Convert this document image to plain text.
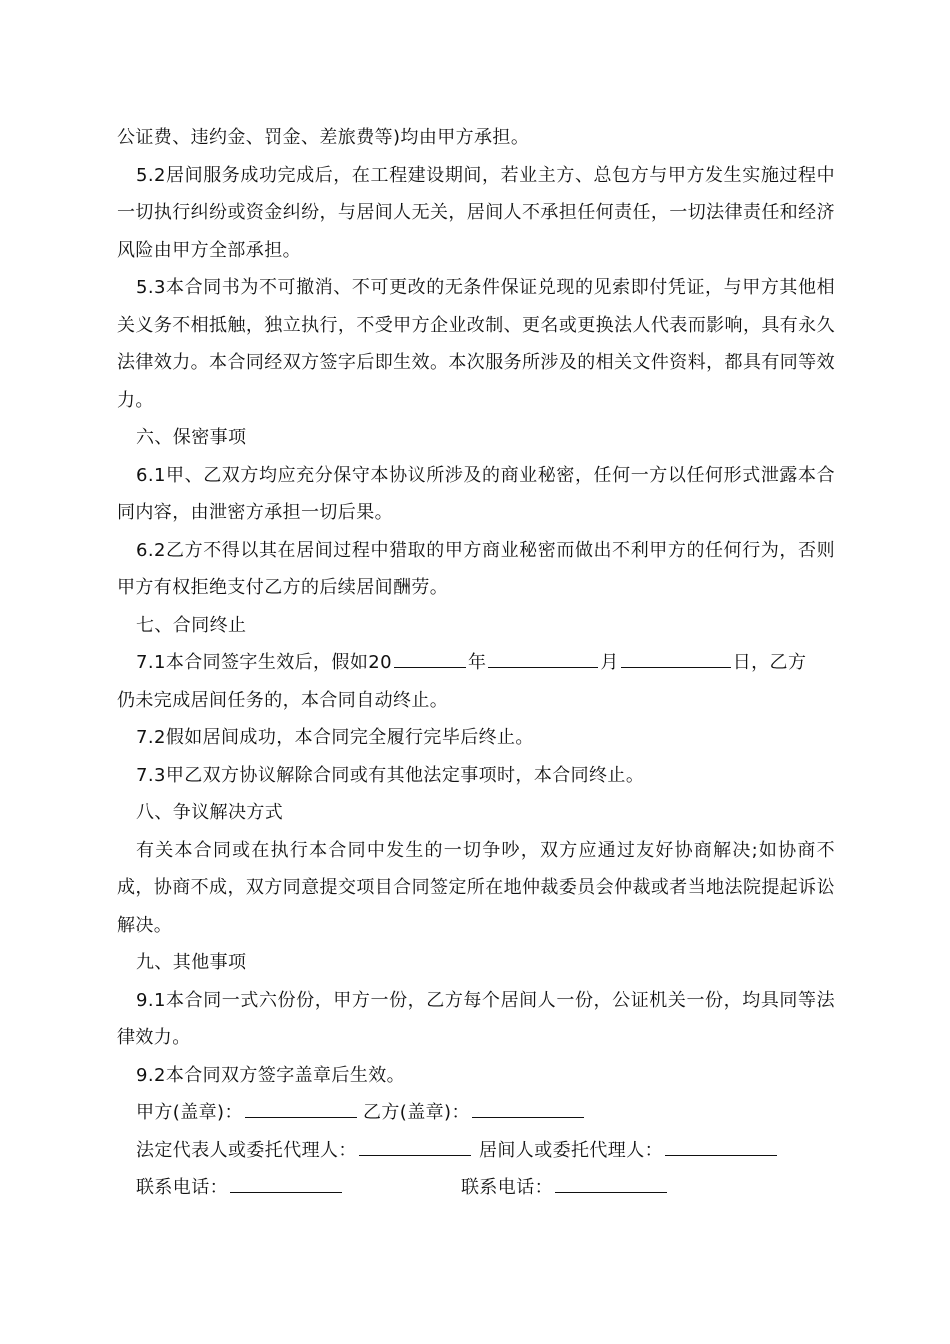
公证费、违约金、罚金、差旅费等)均由甲方承担。

5.2居间服务成功完成后，在工程建设期间，若业主方、总包方与甲方发生实施过程中一切执行纠纷或资金纠纷，与居间人无关，居间人不承担任何责任，一切法律责任和经济风险由甲方全部承担。

5.3本合同书为不可撤消、不可更改的无条件保证兑现的见索即付凭证，与甲方其他相关义务不相抵触，独立执行，不受甲方企业改制、更名或更换法人代表而影响，具有永久法律效力。本合同经双方签字后即生效。本次服务所涉及的相关文件资料，都具有同等效力。

六、保密事项

6.1甲、乙双方均应充分保守本协议所涉及的商业秘密，任何一方以任何形式泄露本合同内容，由泄密方承担一切后果。

6.2乙方不得以其在居间过程中猎取的甲方商业秘密而做出不利甲方的任何行为，否则甲方有权拒绝支付乙方的后续居间酬劳。

七、合同终止

7.1本合同签字生效后，假如20	年	月	日，乙方

仍未完成居间任务的，本合同自动终止。

7.2假如居间成功，本合同完全履行完毕后终止。

7.3甲乙双方协议解除合同或有其他法定事项时，本合同终止。

八、争议解决方式

有关本合同或在执行本合同中发生的一切争吵，双方应通过友好协商解决;如协商不成，协商不成，双方同意提交项目合同签定所在地仲裁委员会仲裁或者当地法院提起诉讼解决。

九、其他事项

9.1本合同一式六份份，甲方一份，乙方每个居间人一份，公证机关一份，均具同等法律效力。

9.2本合同双方签字盖章后生效。

甲方(盖章)：	乙方(盖章)：
法定代表人或委托代理人：	居间人或委托代理人：
联系电话：	联系电话：
